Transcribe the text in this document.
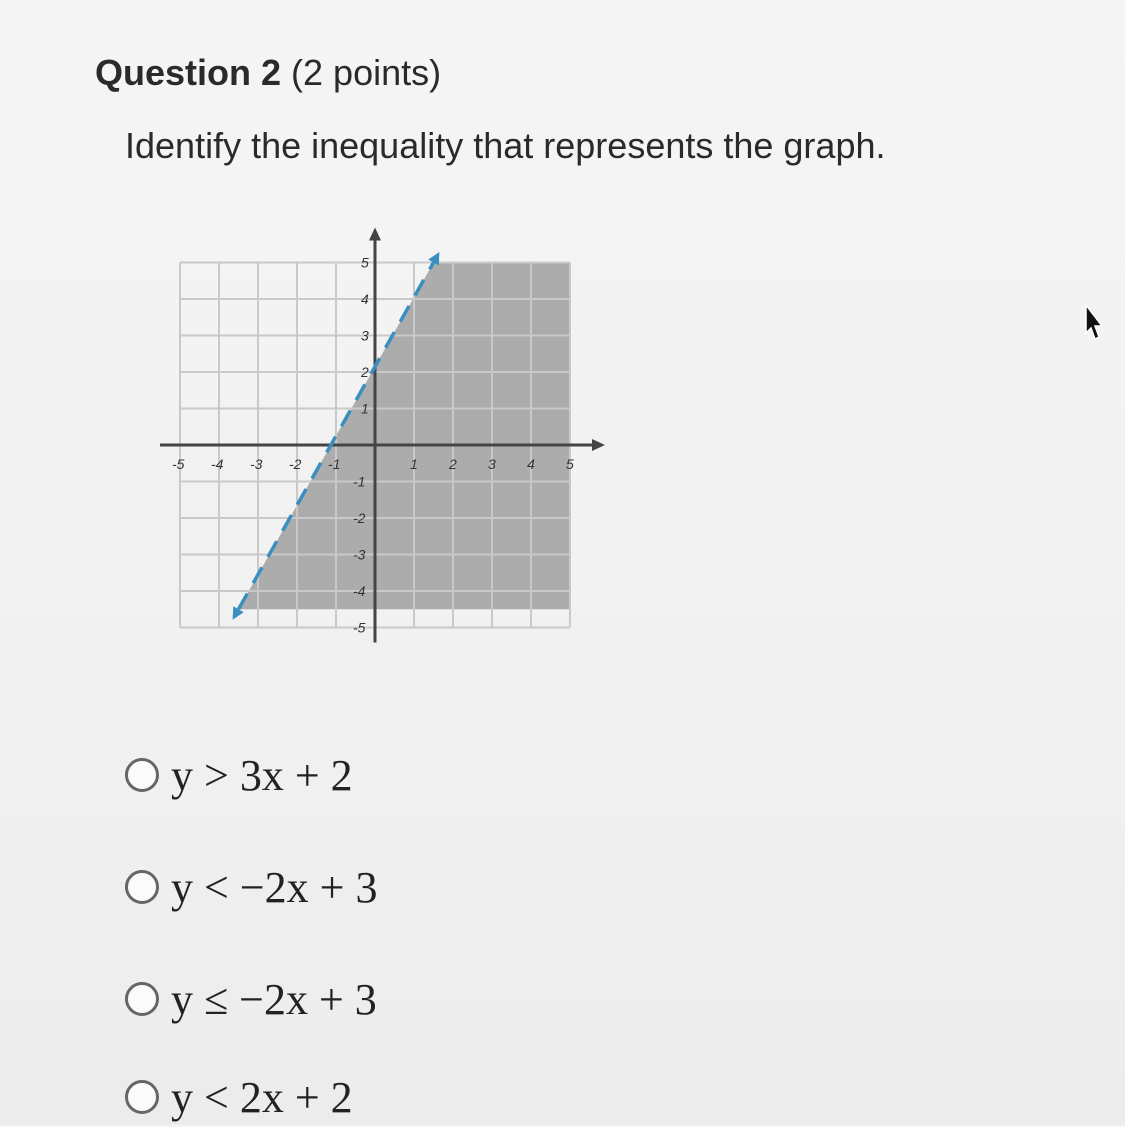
Question 2 (2 points)
Identify the inequality that represents the graph.
-5 -4 -3 -2 -1	1 2 3 4 5
5
4
3
2
1
-1
-2
-3
-4
-5
y > 3x + 2
y < −2x + 3
y ≤ −2x + 3
y < 2x + 2
